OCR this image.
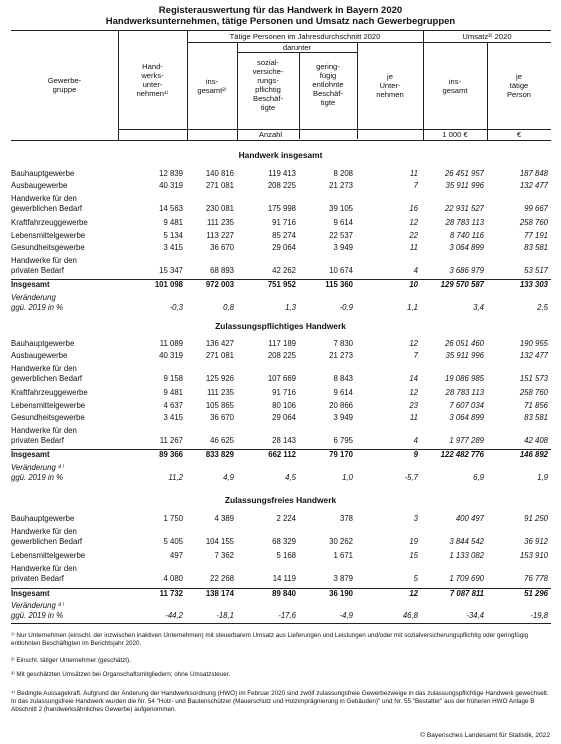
Registerauswertung für das Handwerk in Bayern 2020
Handwerksunternehmen, tätige Personen und Umsatz nach Gewerbegruppen
Gewerbe-
gruppe
Hand-
werks-
unter-
nehmen¹⁾
Tätige Personen im Jahresdurchschnitt 2020
darunter
ins-
gesamt²⁾
sozial-
versiche-
rungs-
pflichtig
Beschäf-
tigte
gering-
fügig
entlohnte
Beschäf-
tigte
je
Unter-
nehmen
Umsatz³⁾ 2020
ins-
gesamt
je
tätige
Person
Anzahl	1 000 €	€
Handwerk insgesamt
Bauhauptgewerbe	12 839	140 816	119 413	8 208	11	26 451 957	187 848
Ausbaugewerbe	40 319	271 081	208 225	21 273	7	35 911 996	132 477
Handwerke für den
gewerblichen Bedarf	14 563	230 081	175 998	39 105	16	22 931 527	99 667
Kraftfahrzeuggewerbe	9 481	111 235	91 716	9 614	12	28 783 113	258 760
Lebensmittelgewerbe	5 134	113 227	85 274	22 537	22	8 740 116	77 191
Gesundheitsgewerbe	3 415	36 670	29 064	3 949	11	3 064 899	83 581
Handwerke für den
privaten Bedarf	15 347	68 893	42 262	10 674	4	3 686 979	53 517
Insgesamt	101 098	972 003	751 952	115 360	10	129 570 587	133 303
Veränderung
ggü. 2019 in %	-0,3	0,8	1,3	-0,9	1,1	3,4	2,5
Zulassungspflichtiges Handwerk
Bauhauptgewerbe	11 089	136 427	117 189	7 830	12	26 051 460	190 955
Ausbaugewerbe	40 319	271 081	208 225	21 273	7	35 911 996	132 477
Handwerke für den
gewerblichen Bedarf	9 158	125 926	107 669	8 843	14	19 086 985	151 573
Kraftfahrzeuggewerbe	9 481	111 235	91 716	9 614	12	28 783 113	258 760
Lebensmittelgewerbe	4 637	105 865	80 106	20 866	23	7 607 034	71 856
Gesundheitsgewerbe	3 415	36 670	29 064	3 949	11	3 064 899	83 581
Handwerke für den
privaten Bedarf	11 267	46 625	28 143	6 795	4	1 977 289	42 408
Insgesamt	89 366	833 829	662 112	79 170	9	122 482 776	146 892
Veränderung ⁴⁾
ggü. 2019 in %	11,2	4,9	4,5	1,0	-5,7	6,9	1,9
Zulassungsfreies Handwerk
Bauhauptgewerbe	1 750	4 389	2 224	378	3	400 497	91 250
Handwerke für den
gewerblichen Bedarf	5 405	104 155	68 329	30 262	19	3 844 542	36 912
Lebensmittelgewerbe	497	7 362	5 168	1 671	15	1 133 082	153 910
Handwerke für den
privaten Bedarf	4 080	22 268	14 119	3 879	5	1 709 690	76 778
Insgesamt	11 732	138 174	89 840	36 190	12	7 087 811	51 296
Veränderung ⁴⁾
ggü. 2019 in %	-44,2	-18,1	-17,6	-4,9	46,8	-34,4	-19,8
¹⁾ Nur Unternehmen (einschl. der inzwischen inaktiven Unternehmen) mit steuerbarem Umsatz aus Lieferungen und Leistungen und/oder mit sozialversicherungspflichtig oder geringfügig entlohnten Beschäftigten im Berichtsjahr 2020.
²⁾ Einschl. tätiger Unternehmer (geschätzt).
³⁾ Mit geschätzten Umsätzen bei Organschaftsmitgliedern; ohne Umsatzsteuer.
⁴⁾ Bedingte Aussagekraft. Aufgrund der Änderung der Handwerksordnung (HWO) im Februar 2020 sind zwölf zulassungsfreie Gewerbezweige in das zulassungspflichtige Handwerk gewechselt. In das zulassungsfreie Handwerk wurden die Nr. 54 "Holz- und Bautenschützer (Mauerschutz und Holzimprägnierung in Gebäuden)" und Nr. 55 "Bestatter" aus der früheren HWO Anlage B Abschnitt 2 (handwerksähnliches Gewerbe) aufgenommen.
© Bayerisches Landesamt für Statistik, 2022
